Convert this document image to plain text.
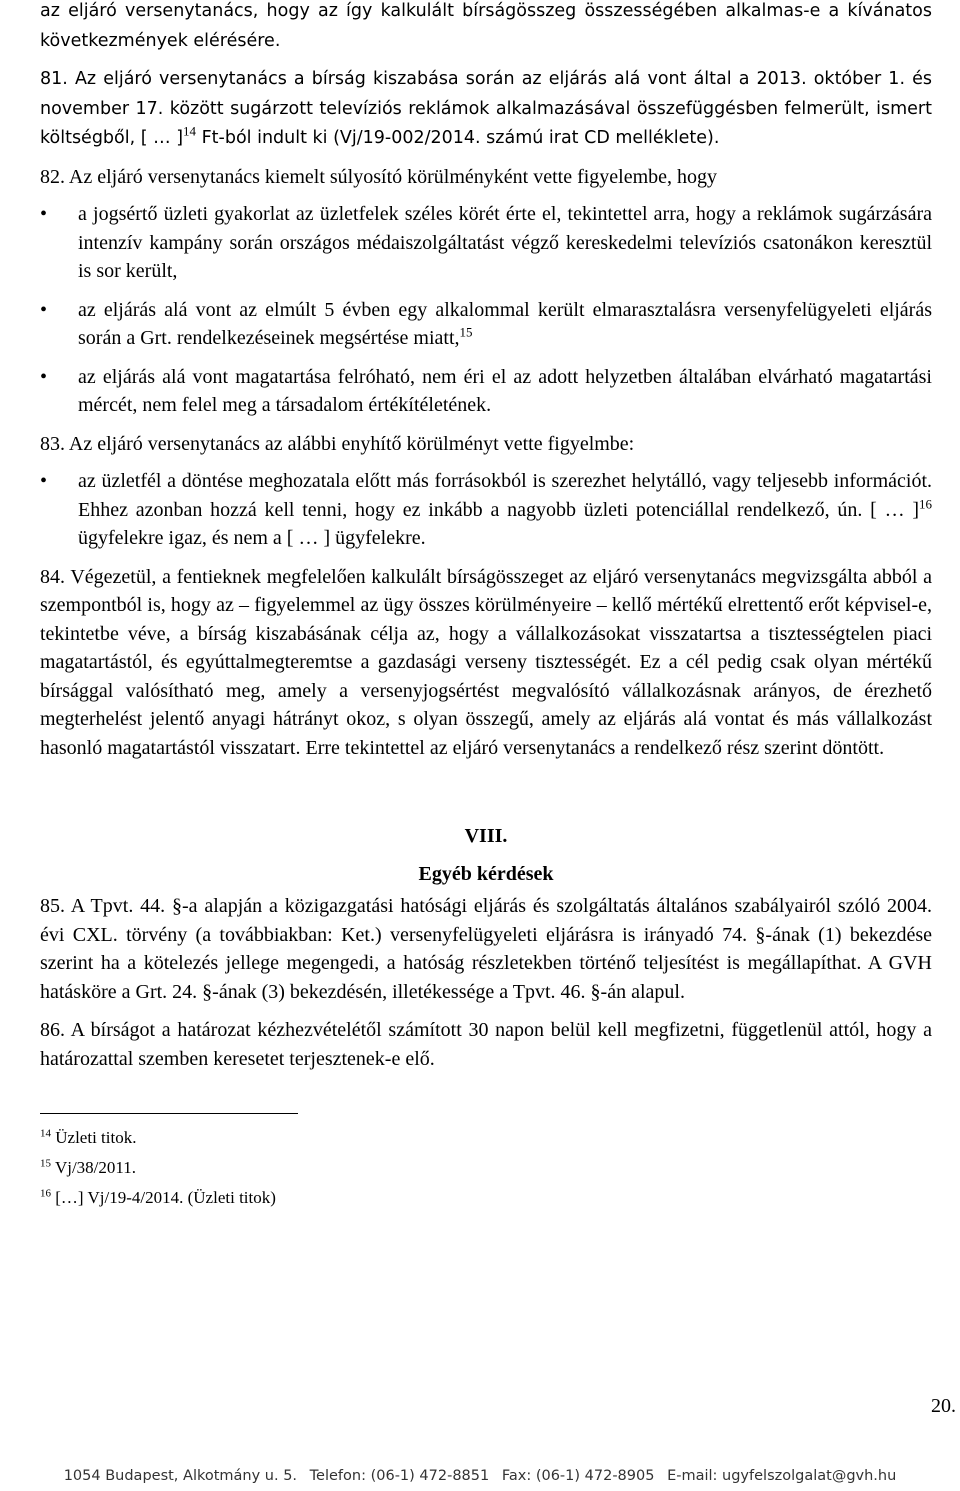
az eljáró versenytanács, hogy az így kalkulált bírságösszeg összességében alkalmas-e a kívánatos következmények elérésére.

81. Az eljáró versenytanács a bírság kiszabása során az eljárás alá vont által a 2013. október 1. és november 17. között sugárzott televíziós reklámok alkalmazásával összefüggésben felmerült, ismert költségből, [ … ]$^{14}$ Ft-ból indult ki (Vj/19-002/2014. számú irat CD melléklete).

82. Az eljáró versenytanács kiemelt súlyosító körülményként vette figyelembe, hogy

• a jogsértő üzleti gyakorlat az üzletfelek széles körét érte el, tekintettel arra, hogy a reklámok sugárzására intenzív kampány során országos médaiszolgáltatást végző kereskedelmi televíziós csatonákon keresztül is sor került,
• az eljárás alá vont az elmúlt 5 évben egy alkalommal került elmarasztalásra versenyfelügyeleti eljárás során a Grt. rendelkezéseinek megsértése miatt,$^{15}$
• az eljárás alá vont magatartása felróható, nem éri el az adott helyzetben általában elvárható magatartási mércét, nem felel meg a társadalom értékítéletének.

83. Az eljáró versenytanács az alábbi enyhítő körülményt vette figyelmbe:

• az üzletfél a döntése meghozatala előtt más forrásokból is szerezhet helytálló, vagy teljesebb információt. Ehhez azonban hozzá kell tenni, hogy ez inkább a nagyobb üzleti potenciállal rendelkező, ún. [ … ]$^{16}$ ügyfelekre igaz, és nem a [ … ] ügyfelekre.

84. Végezetül, a fentieknek megfelelően kalkulált bírságösszeget az eljáró versenytanács megvizsgálta abból a szempontból is, hogy az – figyelemmel az ügy összes körülményeire – kellő mértékű elrettentő erőt képvisel-e, tekintetbe véve, a bírság kiszabásának célja az, hogy a vállalkozásokat visszatartsa a tisztességtelen piaci magatartástól, és egyúttalmegteremtse a gazdasági verseny tisztességét. Ez a cél pedig csak olyan mértékű bírsággal valósítható meg, amely a versenyjogsértést megvalósító vállalkozásnak arányos, de érezhető megterhelést jelentő anyagi hátrányt okoz, s olyan összegű, amely az eljárás alá vontat és más vállalkozást hasonló magatartástól visszatart. Erre tekintettel az eljáró versenytanács a rendelkező rész szerint döntött.

VIII.

Egyéb kérdések

85. A Tpvt. 44. §-a alapján a közigazgatási hatósági eljárás és szolgáltatás általános szabályairól szóló 2004. évi CXL. törvény (a továbbiakban: Ket.) versenyfelügyeleti eljárásra is irányadó 74. §-ának (1) bekezdése szerint ha a kötelezés jellege megengedi, a hatóság részletekben történő teljesítést is megállapíthat. A GVH hatásköre a Grt. 24. §-ának (3) bekezdésén, illetékessége a Tpvt. 46. §-án alapul.

86. A bírságot a határozat kézhezvételétől számított 30 napon belül kell megfizetni, függetlenül attól, hogy a határozattal szemben keresetet terjesztenek-e elő.

$^{14}$ Üzleti titok.

$^{15}$ Vj/38/2011.

$^{16}$ […] Vj/19-4/2014. (Üzleti titok)

20.
1054 Budapest, Alkotmány u. 5. Telefon: (06-1) 472-8851 Fax: (06-1) 472-8905 E-mail: ugyfelszolgalat@gvh.hu
